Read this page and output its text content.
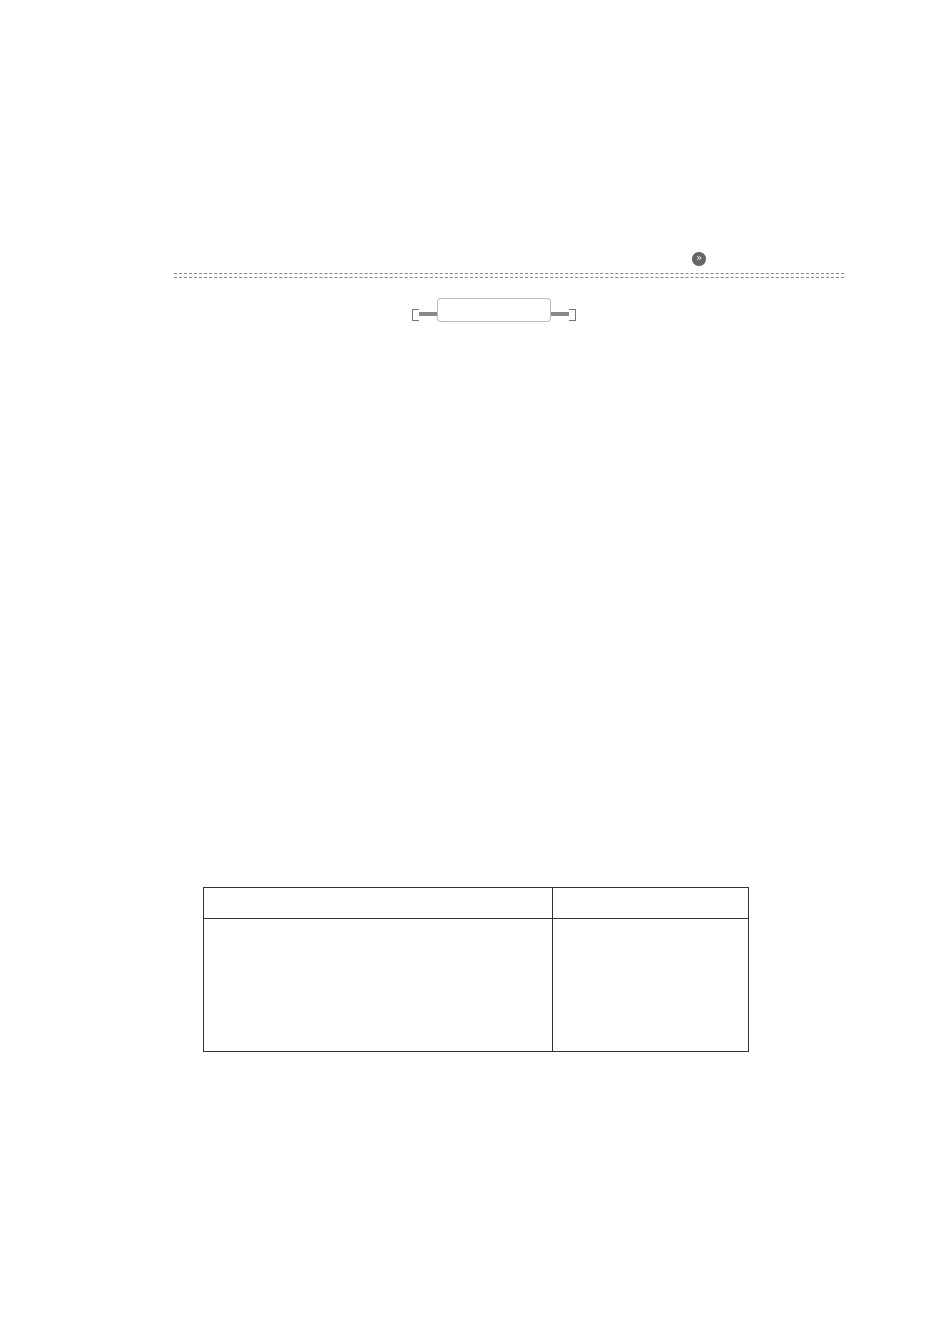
»
